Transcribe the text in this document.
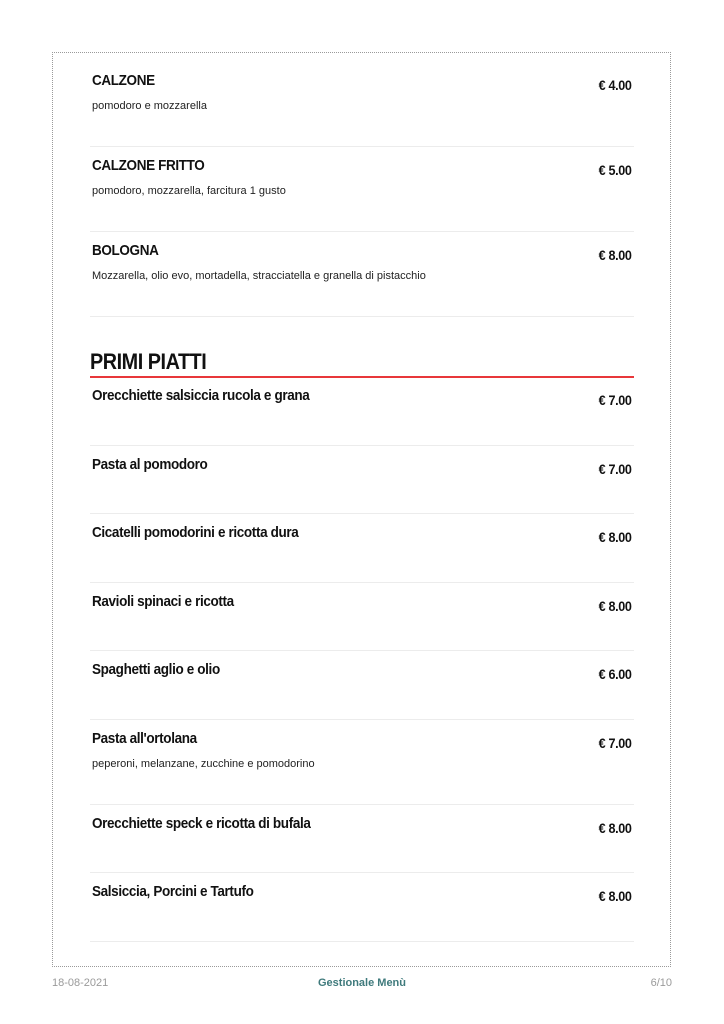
CALZONE
pomodoro e mozzarella
€ 4.00
CALZONE FRITTO
pomodoro, mozzarella, farcitura 1 gusto
€ 5.00
BOLOGNA
Mozzarella, olio evo, mortadella, stracciatella e granella di pistacchio
€ 8.00
PRIMI PIATTI
Orecchiette salsiccia rucola e grana	€ 7.00
Pasta al pomodoro	€ 7.00
Cicatelli pomodorini e ricotta dura	€ 8.00
Ravioli spinaci e ricotta	€ 8.00
Spaghetti aglio e olio	€ 6.00
Pasta all'ortolana
peperoni, melanzane, zucchine e pomodorino
€ 7.00
Orecchiette speck e ricotta di bufala	€ 8.00
Salsiccia, Porcini e Tartufo	€ 8.00
18-08-2021	Gestionale Menù	6/10
